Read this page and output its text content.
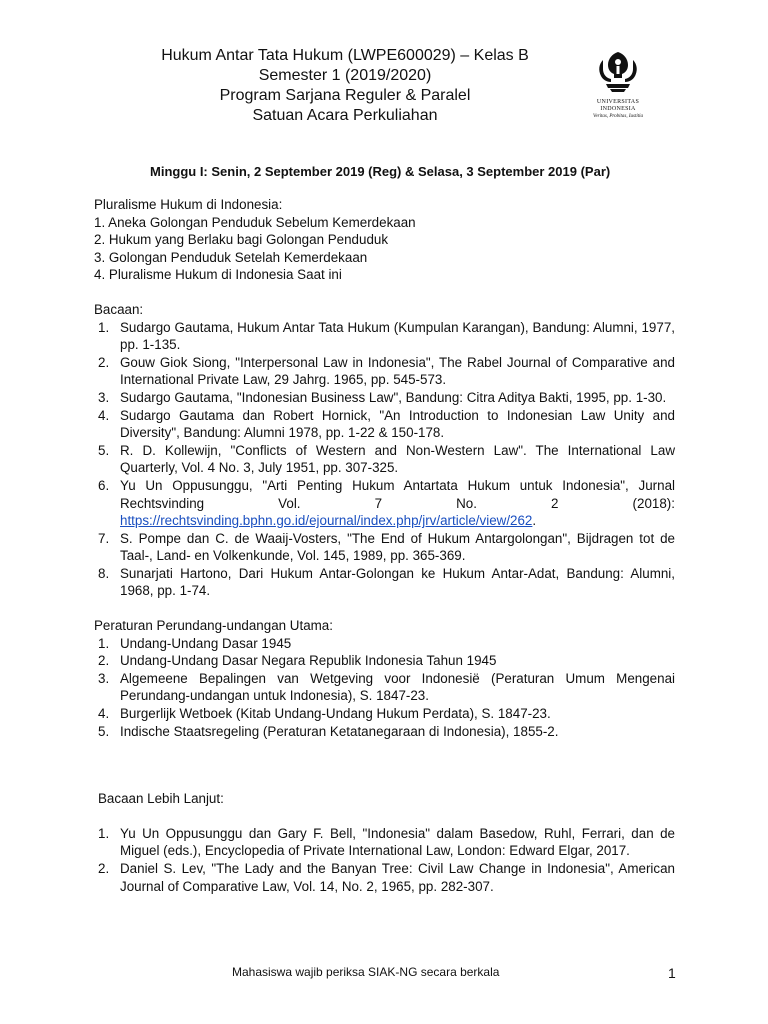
Hukum Antar Tata Hukum (LWPE600029) – Kelas B
Semester 1 (2019/2020)
Program Sarjana Reguler & Paralel
Satuan Acara Perkuliahan
UNIVERSITAS
INDONESIA
Veritas, Probitas, Iustitia
Minggu I: Senin, 2 September 2019 (Reg) & Selasa, 3 September 2019 (Par)

Pluralisme Hukum di Indonesia:

1. Aneka Golongan Penduduk Sebelum Kemerdekaan

2. Hukum yang Berlaku bagi Golongan Penduduk

3. Golongan Penduduk Setelah Kemerdekaan

4. Pluralisme Hukum di Indonesia Saat ini

Bacaan:

1. Sudargo Gautama, Hukum Antar Tata Hukum (Kumpulan Karangan), Bandung: Alumni, 1977, pp. 1-135.
2. Gouw Giok Siong, "Interpersonal Law in Indonesia", The Rabel Journal of Comparative and International Private Law, 29 Jahrg. 1965, pp. 545-573.
3. Sudargo Gautama, "Indonesian Business Law", Bandung: Citra Aditya Bakti, 1995, pp. 1-30.
4. Sudargo Gautama dan Robert Hornick, "An Introduction to Indonesian Law Unity and Diversity", Bandung: Alumni 1978, pp. 1-22 & 150-178.
5. R. D. Kollewijn, "Conflicts of Western and Non-Western Law". The International Law Quarterly, Vol. 4 No. 3, July 1951, pp. 307-325.
6. Yu Un Oppusunggu, "Arti Penting Hukum Antartata Hukum untuk Indonesia", Jurnal Rechtsvinding Vol. 7 No. 2 (2018): https://rechtsvinding.bphn.go.id/ejournal/index.php/jrv/article/view/262.
7. S. Pompe dan C. de Waaij-Vosters, "The End of Hukum Antargolongan", Bijdragen tot de Taal-, Land- en Volkenkunde, Vol. 145, 1989, pp. 365-369.
8. Sunarjati Hartono, Dari Hukum Antar-Golongan ke Hukum Antar-Adat, Bandung: Alumni, 1968, pp. 1-74.

Peraturan Perundang-undangan Utama:

1. Undang-Undang Dasar 1945
2. Undang-Undang Dasar Negara Republik Indonesia Tahun 1945
3. Algemeene Bepalingen van Wetgeving voor Indonesië (Peraturan Umum Mengenai Perundang-undangan untuk Indonesia), S. 1847-23.
4. Burgerlijk Wetboek (Kitab Undang-Undang Hukum Perdata), S. 1847-23.
5. Indische Staatsregeling (Peraturan Ketatanegaraan di Indonesia), 1855-2.

Bacaan Lebih Lanjut:

1. Yu Un Oppusunggu dan Gary F. Bell, "Indonesia" dalam Basedow, Ruhl, Ferrari, dan de Miguel (eds.), Encyclopedia of Private International Law, London: Edward Elgar, 2017.
2. Daniel S. Lev, "The Lady and the Banyan Tree: Civil Law Change in Indonesia", American Journal of Comparative Law, Vol. 14, No. 2, 1965, pp. 282-307.
Mahasiswa wajib periksa SIAK-NG secara berkala	1
